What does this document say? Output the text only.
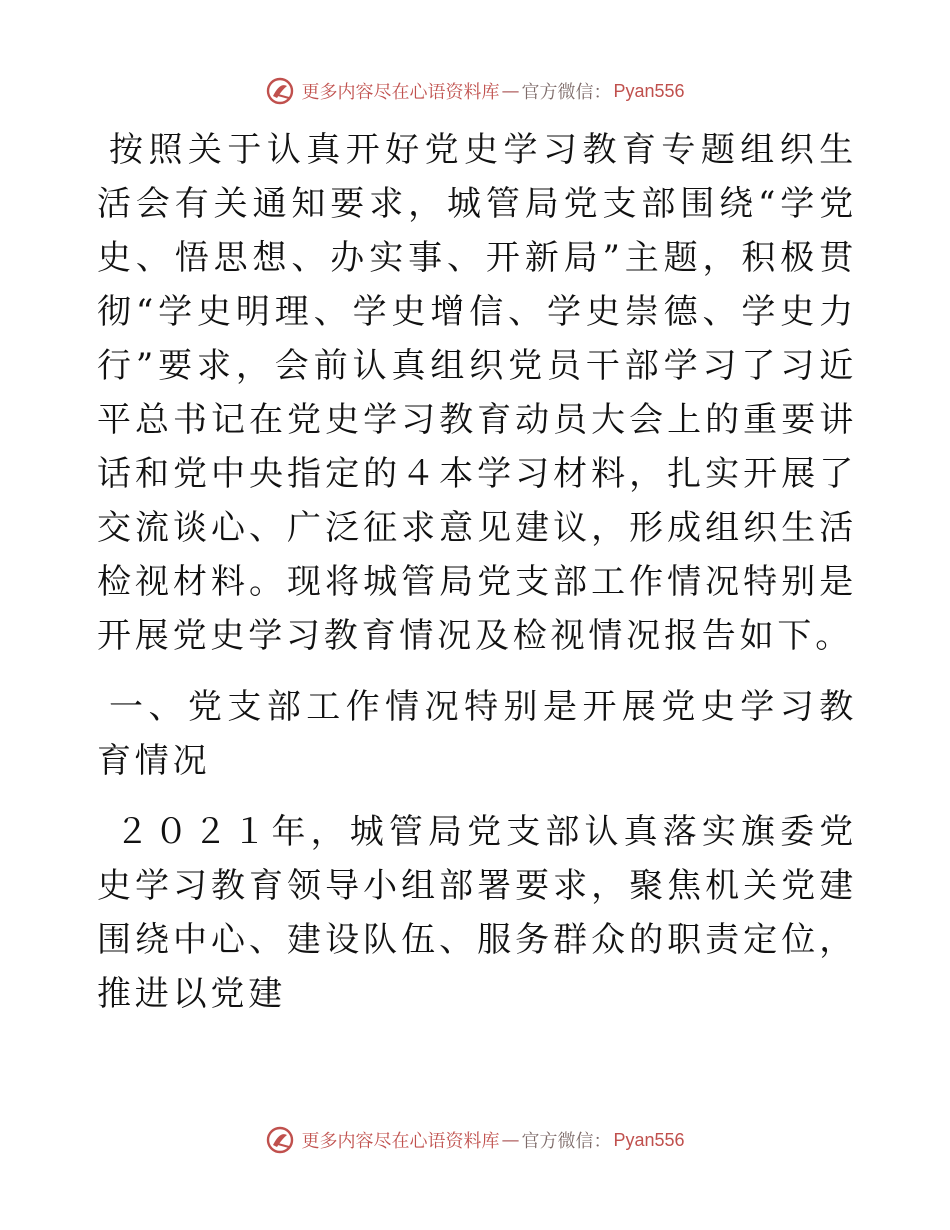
更多内容尽在心语资料库 — 官方微信： Pyan556

按照关于认真开好党史学习教育专题组织生活会有关通知要求，城管局党支部围绕“学党史、悟思想、办实事、开新局”主题，积极贯彻“学史明理、学史增信、学史崇德、学史力行”要求，会前认真组织党员干部学习了习近平总书记在党史学习教育动员大会上的重要讲话和党中央指定的４本学习材料，扎实开展了交流谈心、广泛征求意见建议，形成组织生活检视材料。现将城管局党支部工作情况特别是开展党史学习教育情况及检视情况报告如下。

一、党支部工作情况特别是开展党史学习教育情况

２０２１年，城管局党支部认真落实旗委党史学习教育领导小组部署要求，聚焦机关党建围绕中心、建设队伍、服务群众的职责定位，推进以党建

更多内容尽在心语资料库 — 官方微信： Pyan556
